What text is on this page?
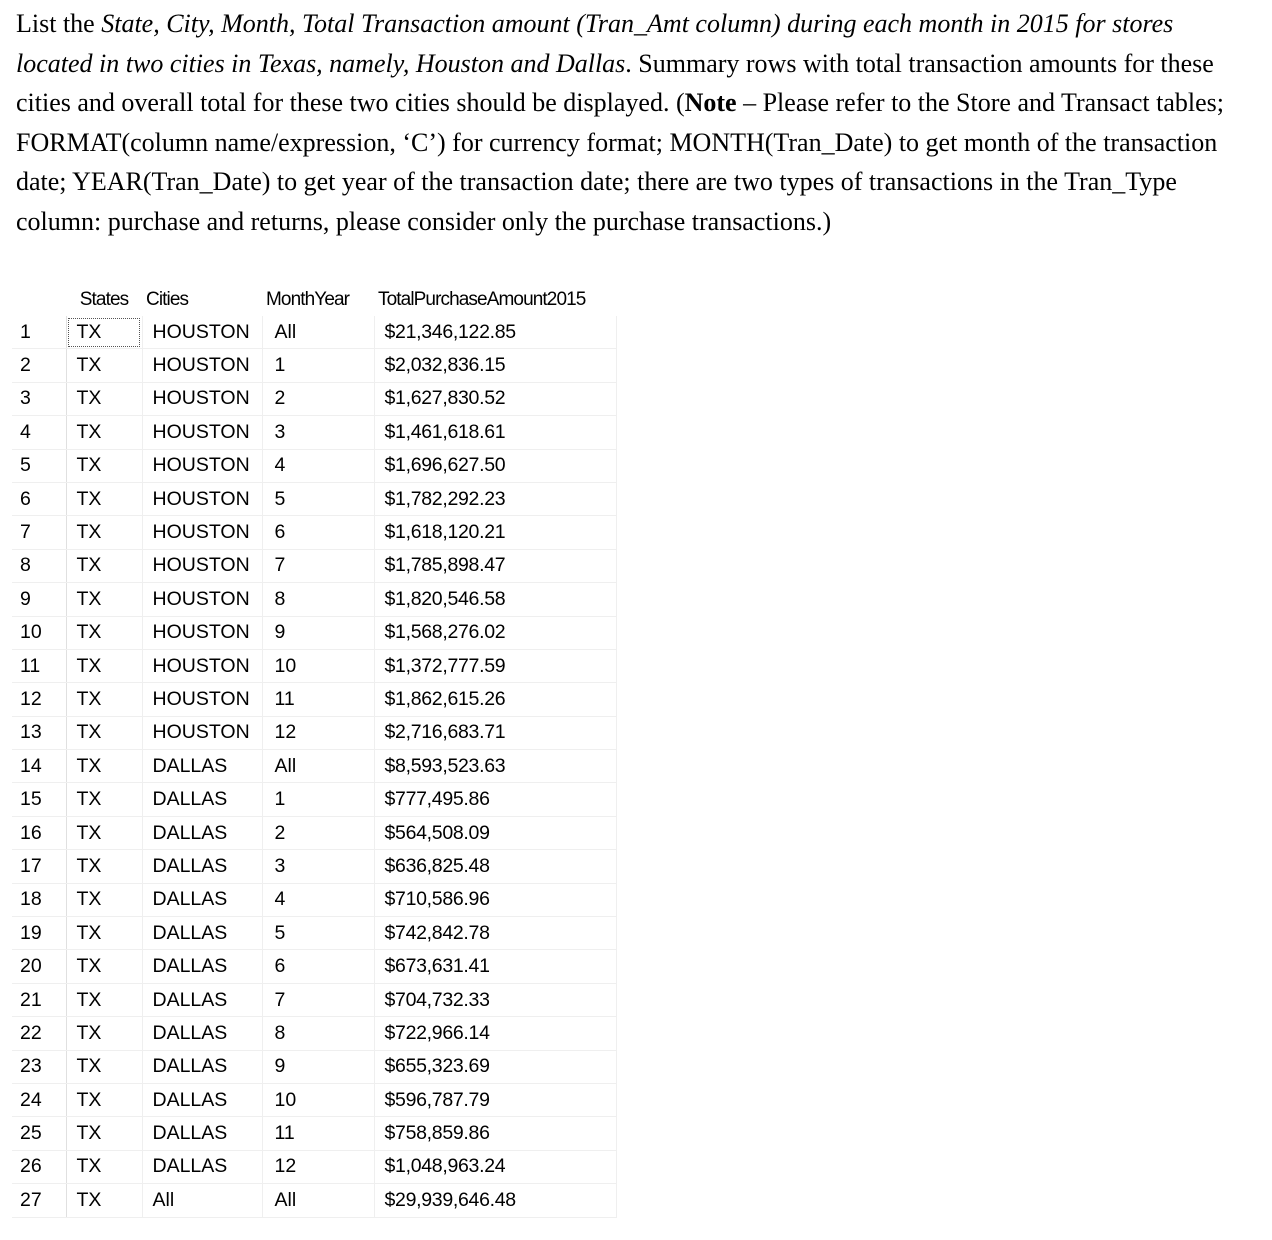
List the State, City, Month, Total Transaction amount (Tran_Amt column) during each month in 2015 for stores located in two cities in Texas, namely, Houston and Dallas. Summary rows with total transaction amounts for these cities and overall total for these two cities should be displayed. (Note – Please refer to the Store and Transact tables; FORMAT(column name/expression, ‘C’) for currency format; MONTH(Tran_Date) to get month of the transaction date; YEAR(Tran_Date) to get year of the transaction date; there are two types of transactions in the Tran_Type column: purchase and returns, please consider only the purchase transactions.)
	States	Cities	MonthYear	TotalPurchaseAmount2015
1	TX	HOUSTON	All	$21,346,122.85
2	TX	HOUSTON	1	$2,032,836.15
3	TX	HOUSTON	2	$1,627,830.52
4	TX	HOUSTON	3	$1,461,618.61
5	TX	HOUSTON	4	$1,696,627.50
6	TX	HOUSTON	5	$1,782,292.23
7	TX	HOUSTON	6	$1,618,120.21
8	TX	HOUSTON	7	$1,785,898.47
9	TX	HOUSTON	8	$1,820,546.58
10	TX	HOUSTON	9	$1,568,276.02
11	TX	HOUSTON	10	$1,372,777.59
12	TX	HOUSTON	11	$1,862,615.26
13	TX	HOUSTON	12	$2,716,683.71
14	TX	DALLAS	All	$8,593,523.63
15	TX	DALLAS	1	$777,495.86
16	TX	DALLAS	2	$564,508.09
17	TX	DALLAS	3	$636,825.48
18	TX	DALLAS	4	$710,586.96
19	TX	DALLAS	5	$742,842.78
20	TX	DALLAS	6	$673,631.41
21	TX	DALLAS	7	$704,732.33
22	TX	DALLAS	8	$722,966.14
23	TX	DALLAS	9	$655,323.69
24	TX	DALLAS	10	$596,787.79
25	TX	DALLAS	11	$758,859.86
26	TX	DALLAS	12	$1,048,963.24
27	TX	All	All	$29,939,646.48
